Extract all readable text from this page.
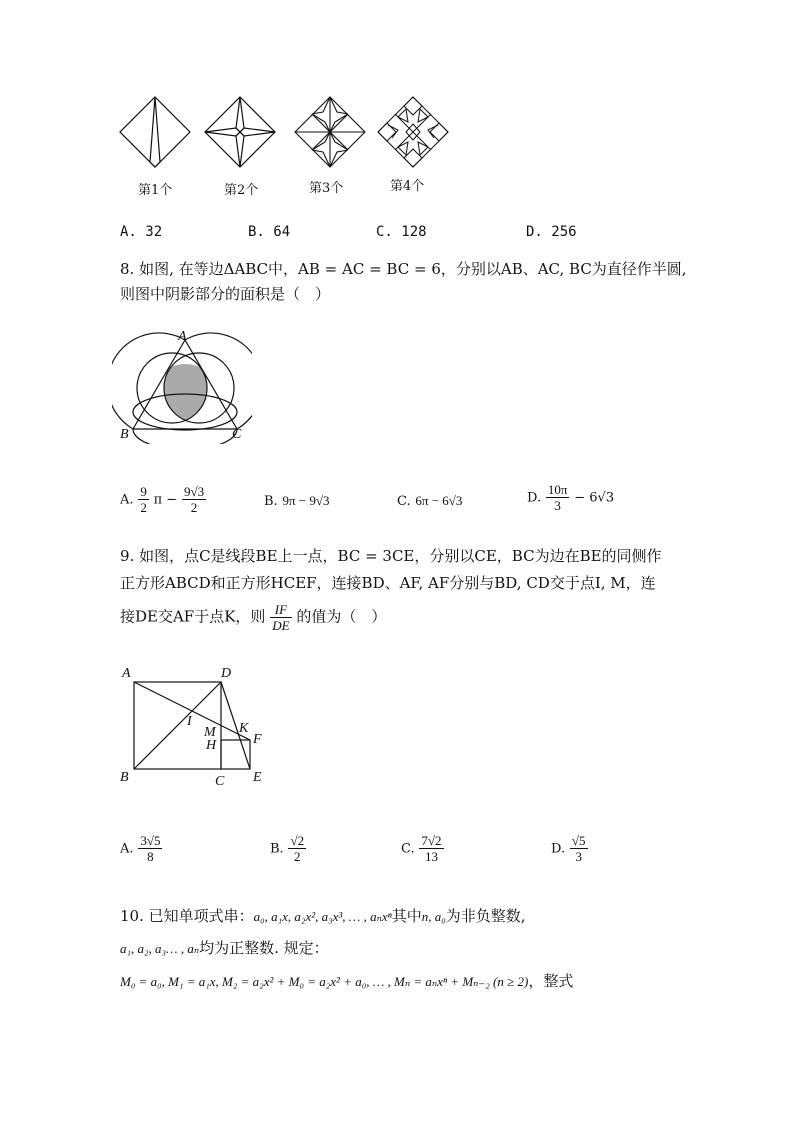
第1个	第2个	第3个	第4个
A. 32	B. 64	C. 128	D. 256
8. 如图, 在等边ΔABC中，AB = AC = BC = 6，分别以AB、AC, BC为直径作半圆,
则图中阴影部分的面积是（　）
A
B	C
A. $\frac{9}{2}$ $\pi - \frac{9√3}{2}$	B. 9π − 9√3	C. 6π − 6√3	D. $\frac{10\pi}{3} - 6√3$
9. 如图，点C是线段BE上一点，BC = 3CE，分别以CE，BC为边在BE的同侧作
正方形ABCD和正方形HCEF，连接BD、AF, AF分别与BD, CD交于点I, M，连
接DE交AF于点K，则 $\frac{IF}{DE}$ 的值为（　）
A	D
B	C E
F
H
I
M K
A. $\frac{3√5}{8}$	B. $\frac{√2}{2}$	C. $\frac{7√2}{13}$	D. $\frac{√5}{3}$
10. 已知单项式串：a₀, a₁x, a₂x², a₃x³, … , aₙxⁿ其中n, a₀为非负整数,
a₁, a₂, a₃… , aₙ均为正整数. 规定：
M₀ = a₀, M₁ = a₁x, M₂ = a₂x² + M₀ = a₂x² + a₀, … , Mₙ = aₙxⁿ + Mₙ₋₂ (n ≥ 2)，整式
